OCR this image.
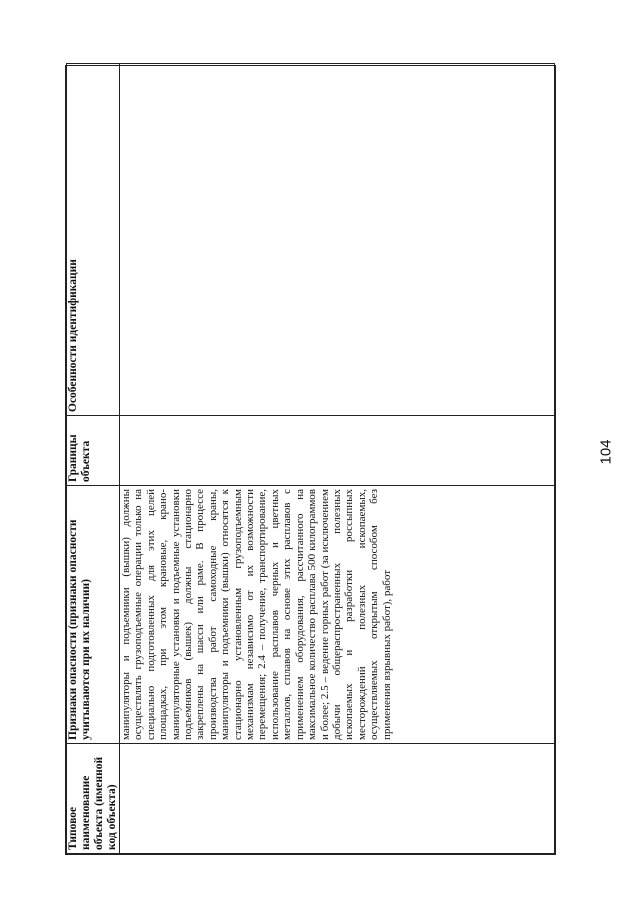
104
Типовое наименование объекта (именной код объекта)	Признаки опасности (признаки опасности учитываются при их наличии)	Границы объекта	Особенности идентификации
	манипуляторы и подъемники (вышки) должны осуществлять грузоподъемные операции только на специально подготовленных для этих целей площадках, при этом крановые, крано-манипуляторные установки и подъемные установки подъемников (вышек) должны стационарно закреплены на шасси или раме. В процессе производства работ самоходные краны, манипуляторы и подъемники (вышки) относятся к стационарно установленным грузоподъемным механизмам независимо от их возможности перемещения; 2.4 – получение, транспортирование, использование расплавов черных и цветных металлов, сплавов на основе этих расплавов с применением оборудования, рассчитанного на максимальное количество расплава 500 килограммов и более; 2.5 – ведение горных работ (за исключением добычи общераспространенных полезных ископаемых и разработки россыпных месторождений полезных ископаемых, осуществляемых открытым способом без применения взрывных работ), работ		
